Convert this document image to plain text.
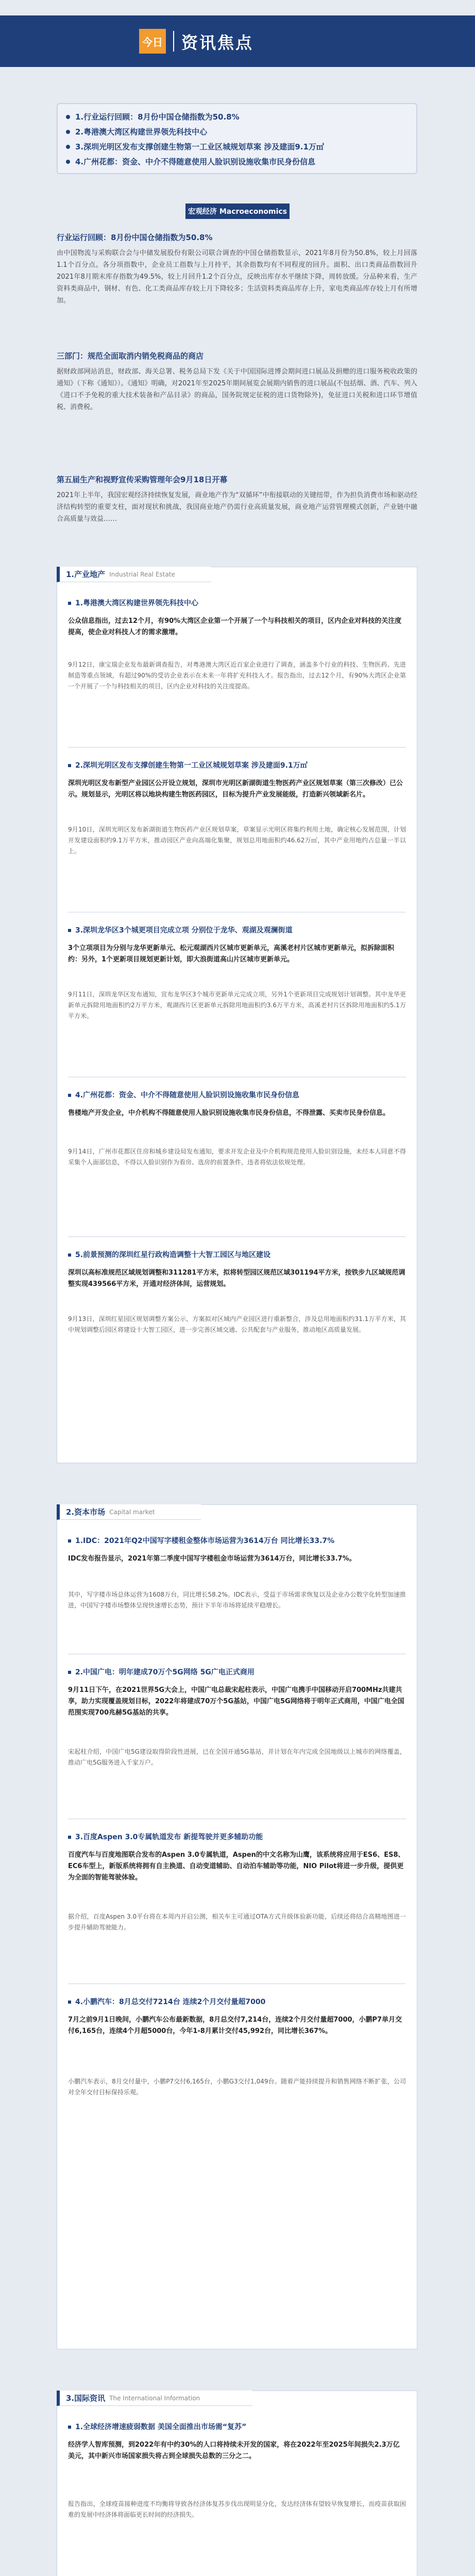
今日 资讯焦点
1.行业运行回顾：8月份中国仓储指数为50.8%
2.粤港澳大湾区构建世界领先科技中心
3.深圳光明区发布支撑创建生物第一工业区城规划草案 涉及建面9.1万㎡
4.广州花都：资金、中介不得随意使用人脸识别设施收集市民身份信息
宏观经济 Macroeconomics
行业运行回顾：8月份中国仓储指数为50.8%
由中国物流与采购联合会与中储发展股份有限公司联合调查的中国仓储指数显示，2021年8月份为50.8%，较上月回落1.1个百分点。各分项指数中，企业员工指数与上月持平，其余指数均有不同程度的回升。面积、出口类商品指数回升2021年8月期末库存指数为49.5%，较上月回升1.2个百分点，反映出库存水平继续下降，周转放缓。分品种来看，生产资料类商品中，钢材、有色、化工类商品库存较上月下降较多；生活资料类商品库存上升，家电类商品库存较上月有所增加。
三部门：规范全面取消内销免税商品的商店
据财政部网站消息，财政部、海关总署、税务总局下发《关于中国国际进博会期间进口展品及捐赠的进口服务税收政策的通知》（下称《通知》）。《通知》明确，对2021年至2025年期间展览会展期内销售的进口展品(不包括烟、酒、汽车、列入《进口不予免税的重大技术装备和产品目录》的商品，国务院规定征税的进口货物除外)，免征进口关税和进口环节增值税、消费税。
第五届生产和视野宣传采购管理年会9月18日开幕
2021年上半年，我国宏观经济持续恢复发展，商业地产作为“双循环”中衔接联动的关键纽带，作为担负消费市场和驱动经济结构转型的重要支柱，面对现状和挑战，我国商业地产仍需行业高质量发展，商业地产运营管理模式创新，产业链中融合高质量与效益……
1.产业地产 Industrial Real Estate
1.粤港澳大湾区构建世界领先科技中心
公众信息指出，过去12个月，有90%大湾区企业第一个开展了一个与科技相关的项目，区内企业对科技的关注度提高，使企业对科技人才的需求激增。
9月12日，康宝瑞企业发布最新调查报告，对粤港澳大湾区近百家企业进行了调查，涵盖多个行业的科技、生物医药、先进制造等重点领域，有超过90%的受访企业表示在未来一年将扩充科技人才。报告指出，过去12个月，有90%大湾区企业第一个开展了一个与科技相关的项目，区内企业对科技的关注度提高。
2.深圳光明区发布支撑创建生物第一工业区城规划草案 涉及建面9.1万㎡
深圳光明区发布新型产业园区公开设立规划，深圳市光明区新湖街道生物医药产业区规划草案（第三次修改）已公示。规划显示，光明区将以地块构建生物医药园区，目标为提升产业发展能级，打造新兴领域新名片。
9月10日，深圳光明区发布新湖街道生物医药产业区规划草案，草案显示光明区将集约利用土地，确定核心发展范围，计划开发建设面积约9.1万平方米，推动园区产业向高端化集聚，规划总用地面积约46.62万㎡，其中产业用地约占总量一半以上。
3.深圳龙华区3个城更项目完成立项 分别位于龙华、观湖及观澜街道
3个立项项目为分别与龙华更新单元、松元观湖西片区城市更新单元，高溪老村片区城市更新单元，拟拆除面积约：另外，1个更新项目规划更新计划，即大浪街道高山片区城市更新单元。
9月11日，深圳龙华区发布通知，宣布龙华区3个城市更新单元完成立项，另外1个更新项目完成规划计划调整。其中龙华更新单元拆除用地面积约2万平方米，观湖西片区更新单元拆除用地面积约3.6万平方米，高溪老村片区拆除用地面积约5.1万平方米。
4.广州花都：资金、中介不得随意使用人脸识别设施收集市民身份信息
售楼地产开发企业，中介机构不得随意使用人脸识别设施收集市民身份信息，不得泄露、买卖市民身份信息。
9月14日，广州市花都区住房和城乡建设局发布通知，要求开发企业及中介机构规范使用人脸识别设施，未经本人同意不得采集个人面部信息，不得以人脸识别作为看房、选房的前置条件，违者将依法依规处理。
5.前景预测的深圳红星行政构造调整十大智工园区与地区建设
深圳以高标准规范区域规划调整和311281平方米，拟将转型园区规范区域301194平方米，按铁步九区域规范调整实现439566平方米，开通对经济体间，运营规划。
9月13日，深圳红星园区规划调整方案公示，方案拟对区域内产业园区进行重新整合，涉及总用地面积约31.1万平方米，其中规划调整后园区将建设十大智工园区，进一步完善区域交通、公共配套与产业服务，推动地区高质量发展。
2.资本市场 Capital market
1.IDC：2021年Q2中国写字楼租金整体市场运营为3614万台 同比增长33.7%
IDC发布报告显示，2021年第二季度中国写字楼租金市场运营为3614万台，同比增长33.7%。
其中，写字楼市场总体运营为1608万台，同比增长58.2%。IDC表示，受益于市场需求恢复以及企业办公数字化转型加速推进，中国写字楼市场整体呈现快速增长态势，预计下半年市场将延续平稳增长。
2.中国广电：明年建成70万个5G网络 5G广电正式商用
9月11日下午，在2021世界5G大会上，中国广电总裁宋起柱表示，中国广电携手中国移动开启700MHz共建共享，助力实现覆盖规划目标，2022年将建成70万个5G基站，中国广电5G网络将于明年正式商用，中国广电全国范围实现700兆赫5G基站的共享。
宋起柱介绍，中国广电5G建设取得阶段性进展，已在全国开通5G基站，并计划在年内完成全国地级以上城市的网络覆盖，推动广电5G服务进入千家万户。
3.百度Aspen 3.0专属轨道发布 新提驾驶并更多辅助功能
百度汽车与百度地图联合发布的Aspen 3.0专属轨道，Aspen的中文名称为山鹰，该系统将应用于ES6、ES8、EC6车型上，新版系统将拥有自主换道、自动变道辅助、自动泊车辅助等功能，NIO Pilot将进一步升级，提供更为全面的智能驾驶体验。
据介绍，百度Aspen 3.0平台将在本周内开启公测，相关车主可通过OTA方式升级体验新功能，后续还将结合高精地图进一步提升辅助驾驶能力。
4.小鹏汽车：8月总交付7214台 连续2个月交付量超7000
7月之前9月1日晚间，小鹏汽车公布最新数据，8月总交付7,214台，连续2个月交付量超7000，小鹏P7单月交付6,165台，连续4个月超5000台，今年1-8月累计交付45,992台，同比增长367%。
小鹏汽车表示，8月交付量中，小鹏P7交付6,165台，小鹏G3交付1,049台。随着产能持续提升和销售网络不断扩张，公司对全年交付目标保持乐观。
3.国际资讯 The International Information
1.全球经济增速疲弱数据 美国全面推出市场需“复苏”
经济学人智库预测，到2022年有中约30%的人口将持续未开发的国家，将在2022年至2025年间损失2.3万亿美元，其中新兴市场国家损失将占到全球损失总数的三分之二。
报告指出，全球疫苗接种进度不均衡将导致各经济体复苏步伐出现明显分化，发达经济体有望较早恢复增长，而疫苗获取困难的发展中经济体将面临更长时间的经济损失。
